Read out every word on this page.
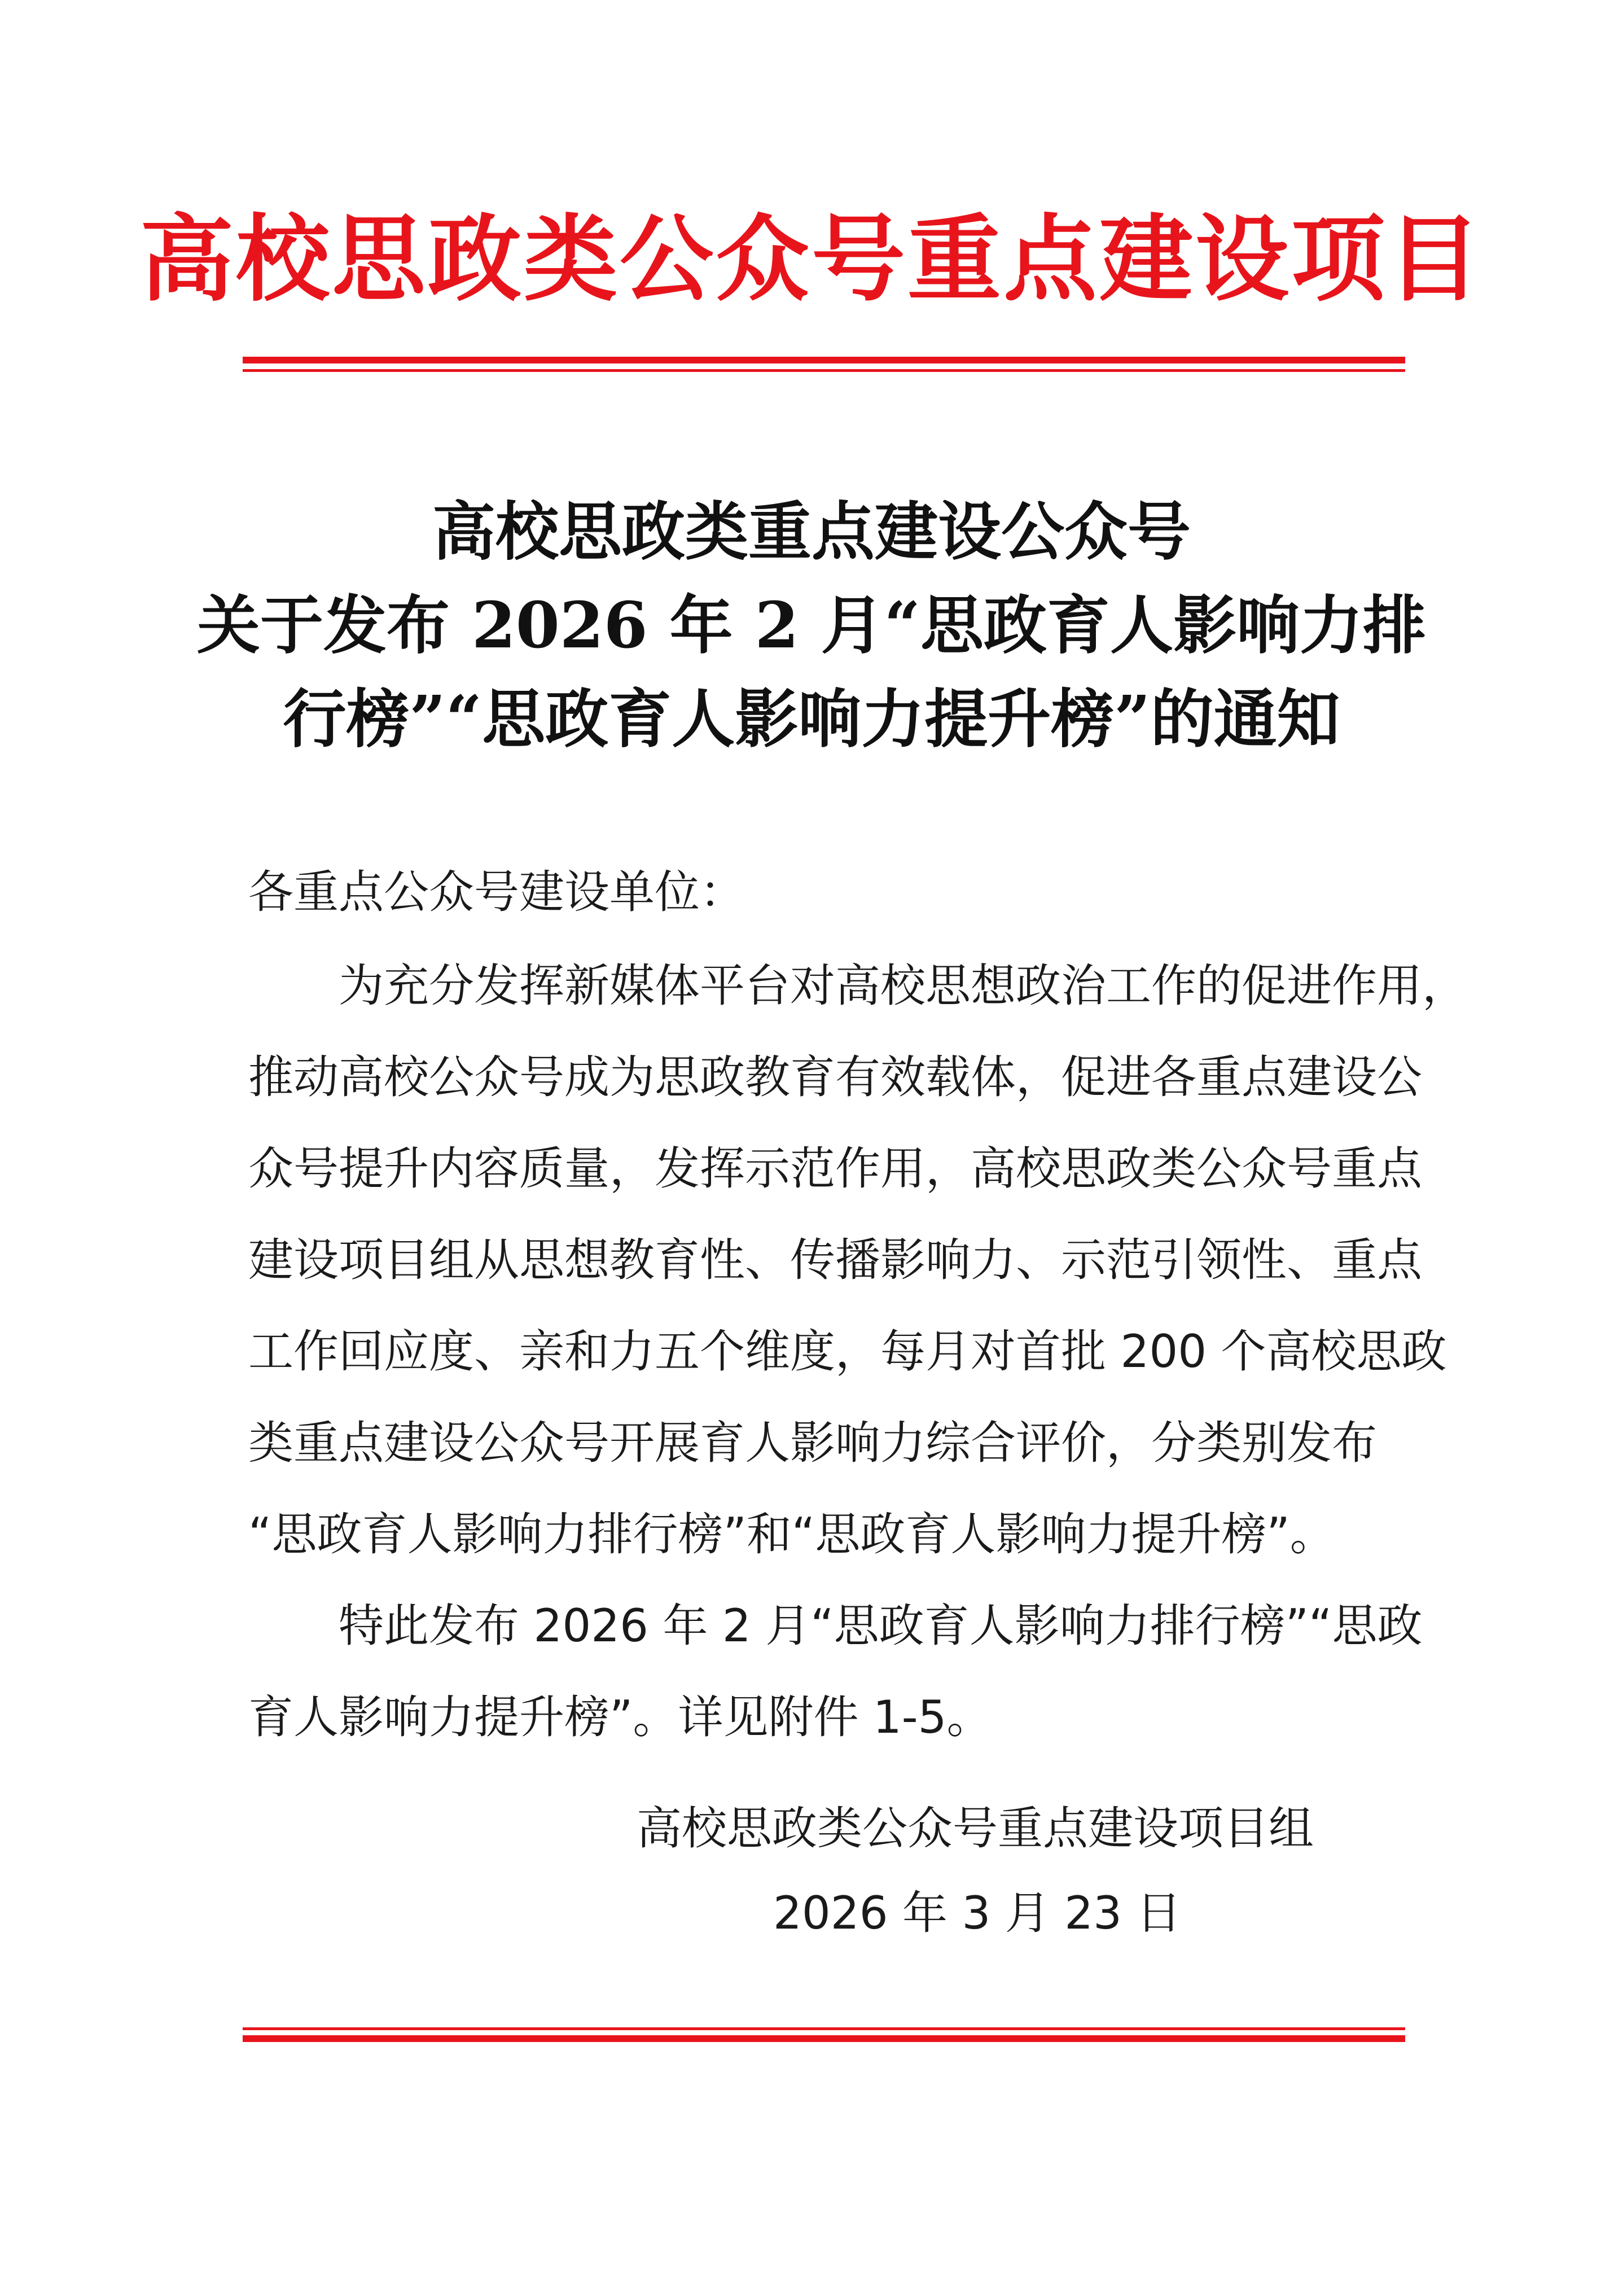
高校思政类公众号重点建设项目
高校思政类重点建设公众号
关于发布 2026 年 2 月“思政育人影响力排
行榜”“思政育人影响力提升榜”的通知

各重点公众号建设单位：

为充分发挥新媒体平台对高校思想政治工作的促进作用，

推动高校公众号成为思政教育有效载体，促进各重点建设公

众号提升内容质量，发挥示范作用，高校思政类公众号重点

建设项目组从思想教育性、传播影响力、示范引领性、重点

工作回应度、亲和力五个维度，每月对首批 200 个高校思政

类重点建设公众号开展育人影响力综合评价，分类别发布

“思政育人影响力排行榜”和“思政育人影响力提升榜”。

特此发布 2026 年 2 月“思政育人影响力排行榜”“思政

育人影响力提升榜”。详见附件 1-5。

高校思政类公众号重点建设项目组
2026 年 3 月 23 日
